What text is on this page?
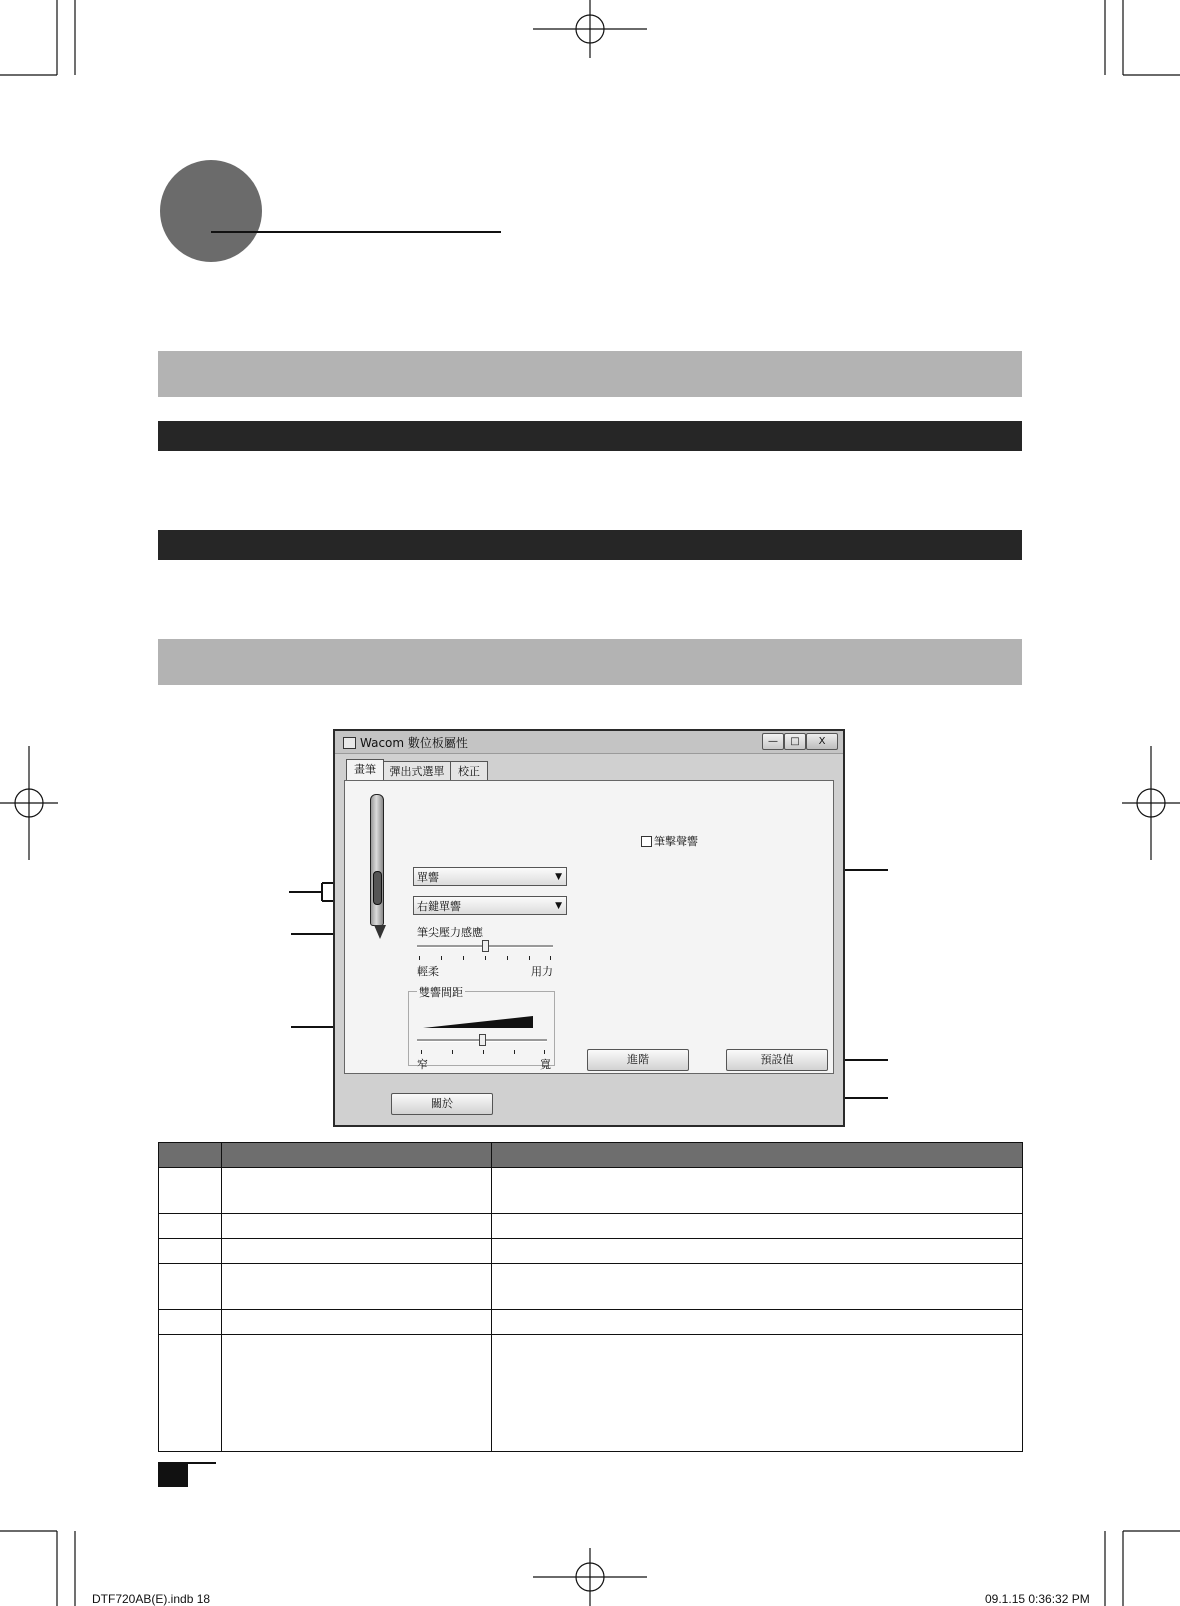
Wacom 數位板屬性	—	□	X
畫筆	彈出式選單	校正
單響	▼
右鍵單響	▼
筆尖壓力感應
輕柔	用力
雙響間距
窄	寬
筆擊聲響
進階	預設值
關於

DTF720AB(E).indb 18	09.1.15 0:36:32 PM
